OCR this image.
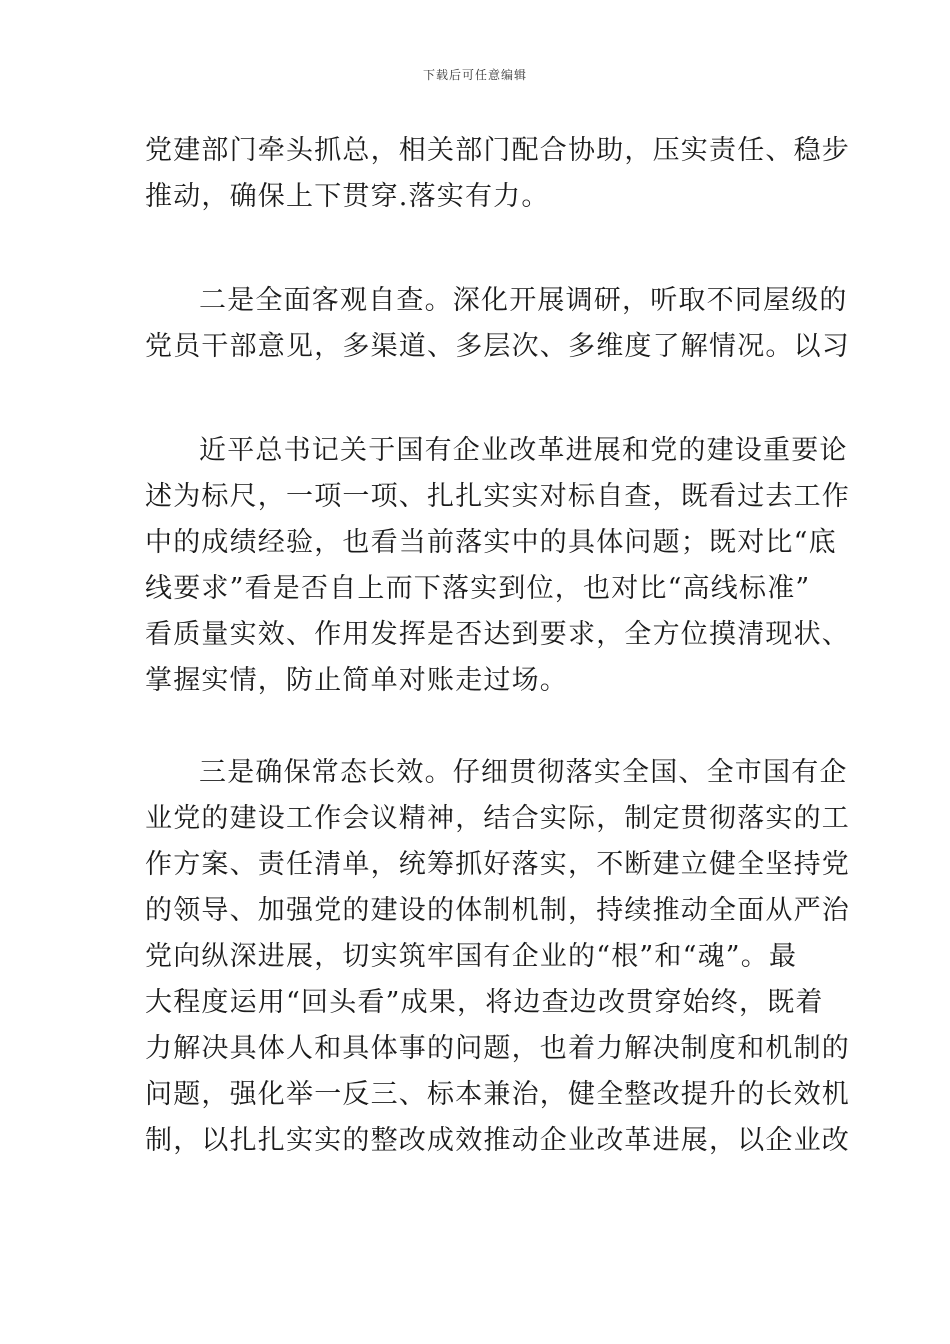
下载后可任意编辑
党建部门牵头抓总，相关部门配合协助，压实责任、稳步
推动，确保上下贯穿.落实有力。
二是全面客观自查。深化开展调研，听取不同屋级的
党员干部意见，多渠道、多层次、多维度了解情况。以习
近平总书记关于国有企业改革进展和党的建设重要论
述为标尺，一项一项、扎扎实实对标自查，既看过去工作
中的成绩经验，也看当前落实中的具体问题；既对比“底
线要求”看是否自上而下落实到位，也对比“高线标准”
看质量实效、作用发挥是否达到要求，全方位摸清现状、
掌握实情，防止简单对账走过场。
三是确保常态长效。仔细贯彻落实全国、全市国有企
业党的建设工作会议精神，结合实际，制定贯彻落实的工
作方案、责任清单，统筹抓好落实，不断建立健全坚持党
的领导、加强党的建设的体制机制，持续推动全面从严治
党向纵深进展，切实筑牢国有企业的“根”和“魂”。最
大程度运用“回头看”成果，将边查边改贯穿始终，既着
力解决具体人和具体事的问题，也着力解决制度和机制的
问题，强化举一反三、标本兼治，健全整改提升的长效机
制，以扎扎实实的整改成效推动企业改革进展，以企业改
